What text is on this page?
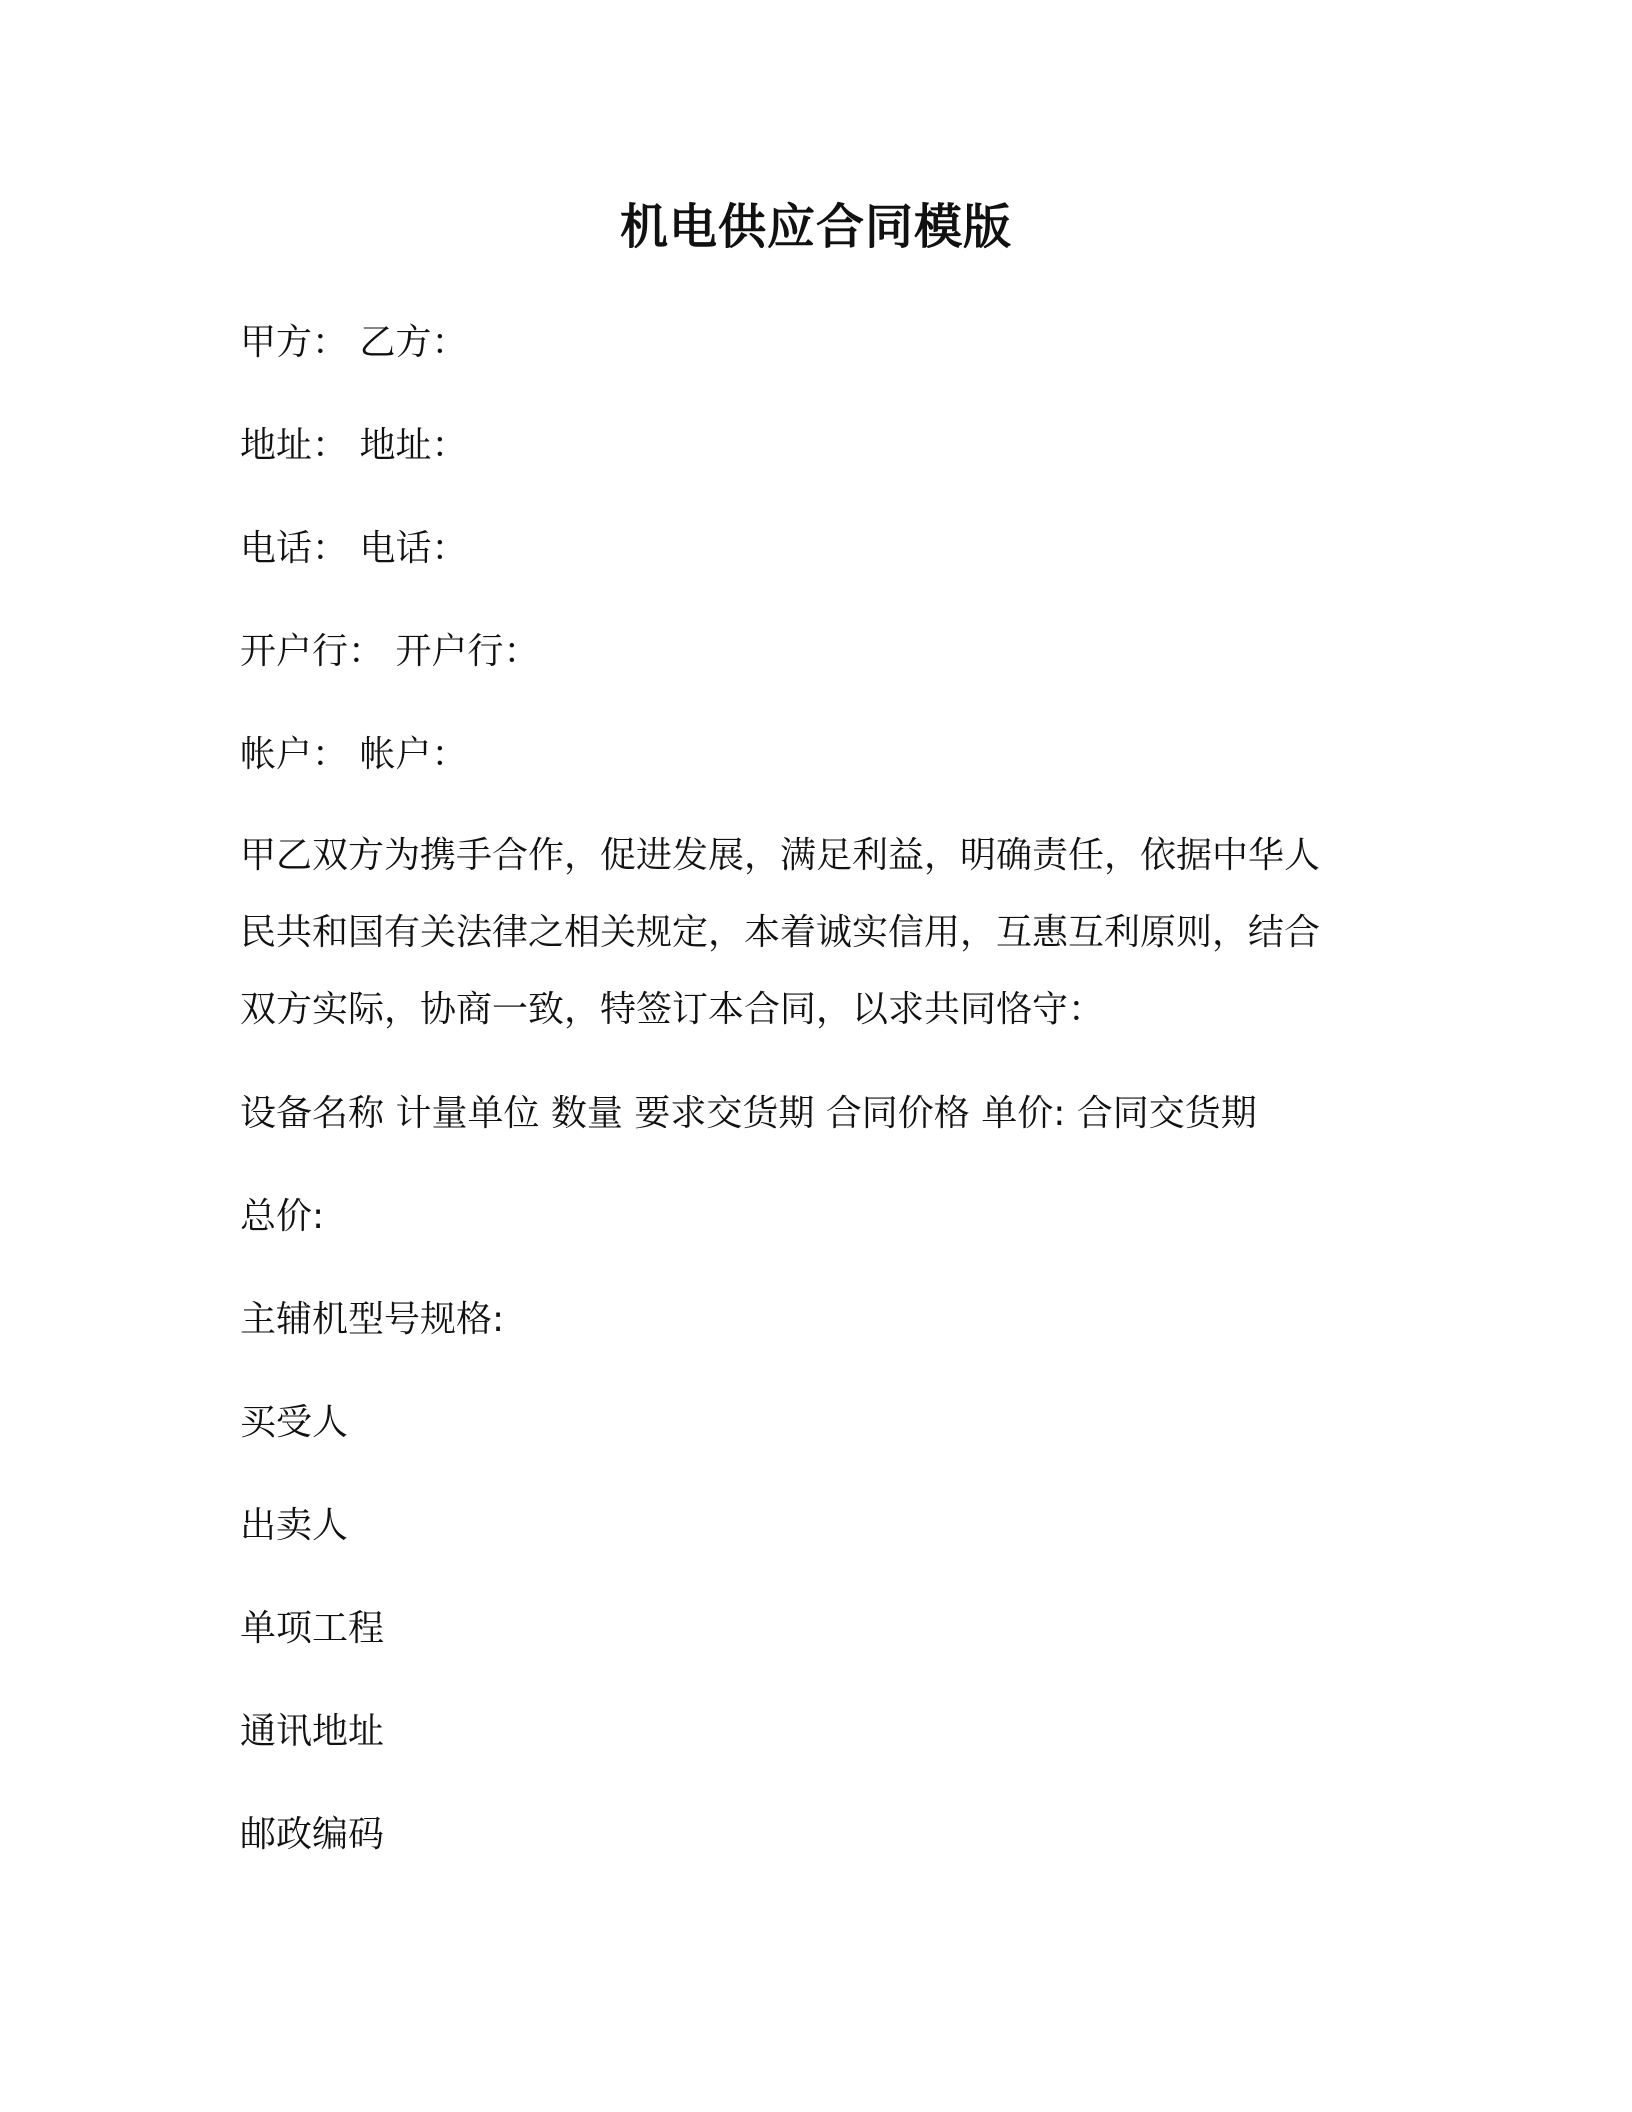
机电供应合同模版
甲方： 乙方：
地址： 地址：
电话： 电话：
开户行： 开户行：
帐户： 帐户：
甲乙双方为携手合作，促进发展，满足利益，明确责任，依据中华人
民共和国有关法律之相关规定，本着诚实信用，互惠互利原则，结合
双方实际，协商一致，特签订本合同，以求共同恪守：
设备名称 计量单位 数量 要求交货期 合同价格 单价: 合同交货期
总价:
主辅机型号规格:
买受人
出卖人
单项工程
通讯地址
邮政编码
